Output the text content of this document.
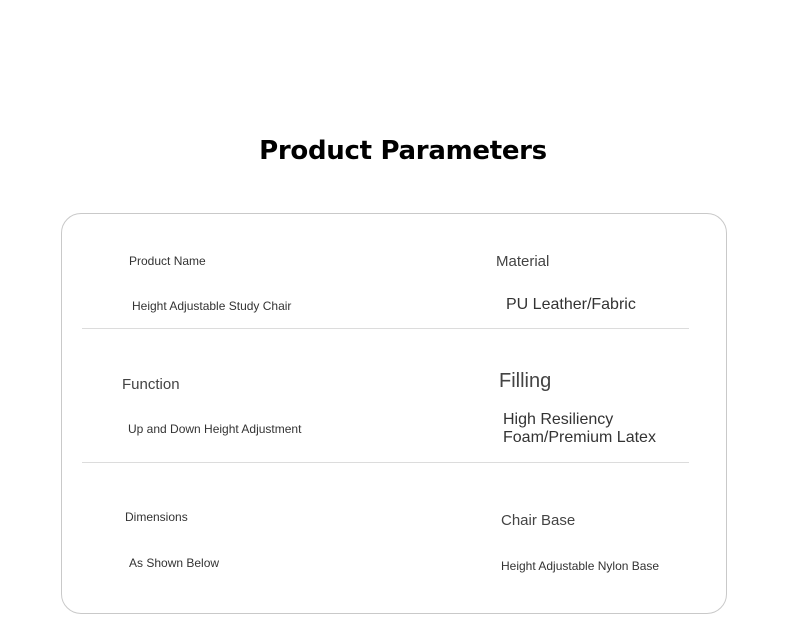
Product Parameters

Product Name

Height Adjustable Study Chair

Material

PU Leather/Fabric

Function

Up and Down Height Adjustment

Filling

High Resiliency Foam/Premium Latex

Dimensions

As Shown Below

Chair Base

Height Adjustable Nylon Base
